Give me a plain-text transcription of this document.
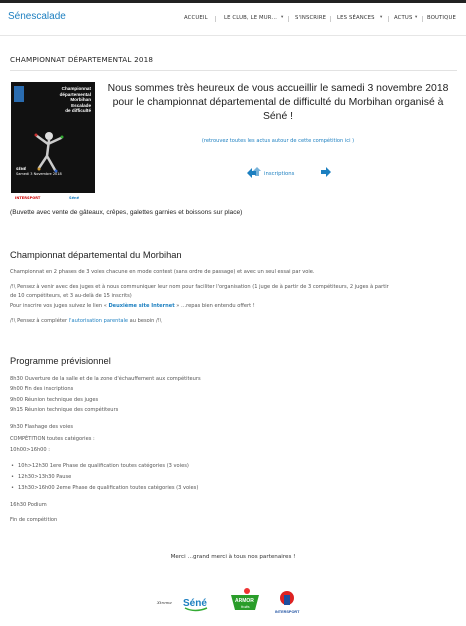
Sénescalade	ACCUEIL	LE CLUB, LE MUR… ▾ S'INSCRIRE LES SÉANCES ▾ ACTUS ▾ BOUTIQUE
CHAMPIONNAT DÉPARTEMENTAL 2018
Championnat
départemental
Morbihan
Escalade
de difficulté
SÉNÉ
Samedi 3 Novembre 2018
INTERSPORT	Séné
Nous sommes très heureux de vous accueillir le samedi 3 novembre 2018 pour le championnat départemental de difficulté du Morbihan organisé à Séné !
(retrouvez toutes les actus autour de cette compétition ici )
inscriptions
(Buvette avec vente de gâteaux, crêpes, galettes garnies et boissons sur place)
Championnat départemental du Morbihan

Championnat en 2 phases de 3 voies chacune en mode contest (sans ordre de passage) et avec un seul essai par voie.

/!\ Pensez à venir avec des juges et à nous communiquer leur nom pour faciliter l'organisation (1 juge de à partir de 3 compétiteurs, 2 juges à partir

de 10 compétiteurs, et 3 au-delà de 15 inscrits)

Pour inscrire vos juges suivez le lien « Deuxième site Internet » …repas bien entendu offert !

/!\ Pensez à compléter l'autorisation parentale au besoin /!\

Programme prévisionnel
8h30 Ouverture de la salle et de la zone d'échauffement aux compétiteurs
9h00 Fin des inscriptions
9h00 Réunion technique des juges
9h15 Réunion technique des compétiteurs
9h30 Flashage des voies
COMPÉTITION toutes catégories :
10h00>16h00 :
• 10h>12h30 1ere Phase de qualification toutes catégories (3 voies)
• 12h30>13h30 Pause
• 13h30>16h00 2eme Phase de qualification toutes catégories (3 voies)

16h30 Podium

Fin de compétition

Merci …grand merci à tous nos partenaires !
Xtreme Séné	ARMOR
fruits
INTERSPORT
